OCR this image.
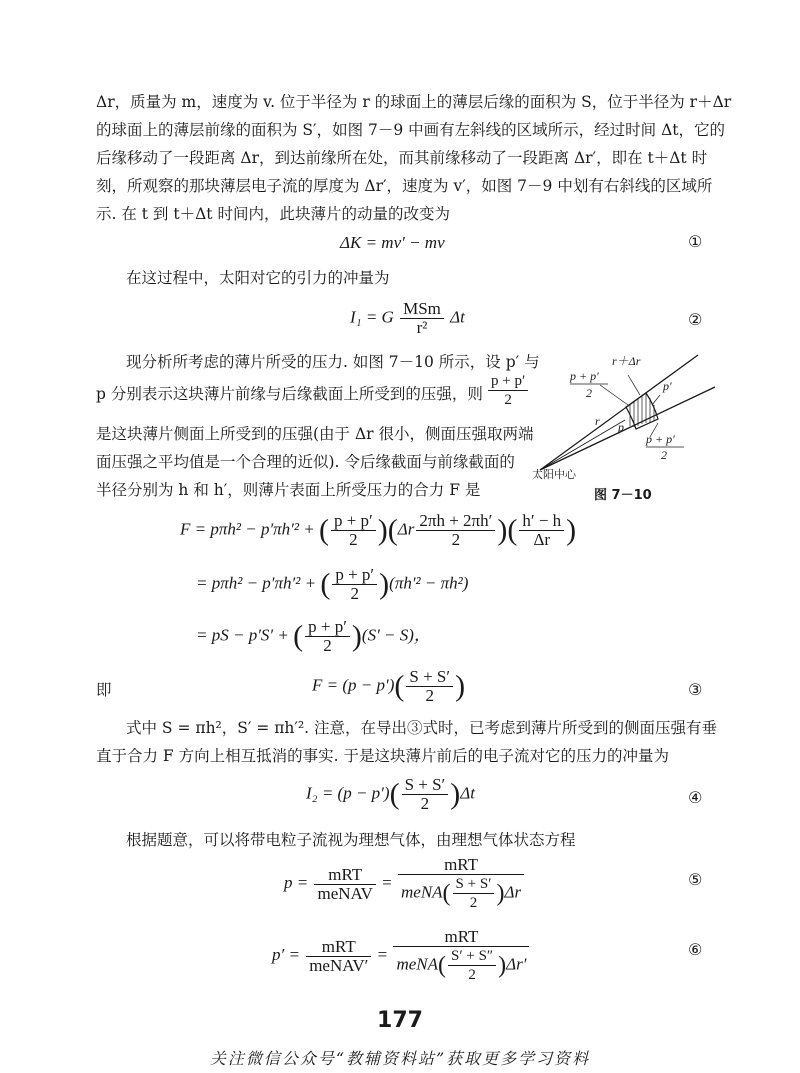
Δr，质量为 m，速度为 v. 位于半径为 r 的球面上的薄层后缘的面积为 S，位于半径为 r＋Δr
的球面上的薄层前缘的面积为 S′，如图 7－9 中画有左斜线的区域所示，经过时间 Δt，它的
后缘移动了一段距离 Δr，到达前缘所在处，而其前缘移动了一段距离 Δr′，即在 t＋Δt 时
刻，所观察的那块薄层电子流的厚度为 Δr′，速度为 v′，如图 7－9 中划有右斜线的区域所
示. 在 t 到 t＋Δt 时间内，此块薄片的动量的改变为
ΔK = mv′ − mv	①
在这过程中，太阳对它的引力的冲量为
I₁ = G $\frac{\text{MSm}}{\text{r²}}$ Δt	②
现分析所考虑的薄片所受的压力. 如图 7－10 所示，设 p′ 与
p 分别表示这块薄片前缘与后缘截面上所受到的压强，则 $\frac{p + p'}{2}$
是这块薄片侧面上所受到的压强(由于 Δr 很小，侧面压强取两端
面压强之平均值是一个合理的近似). 令后缘截面与前缘截面的
半径分别为 h 和 h′，则薄片表面上所受压力的合力 F 是
r＋Δr
p + p′
2	p′
r p
p + p′
2
太阳中心
图 7－10
F = pπh² − p′πh′² + ( $\frac{p + p'}{2} )(\Delta r \frac{2\pi h + 2\pi h'}{2}$ )( $\frac{h' - h}{\Delta r}$ )
= pπh² − p′πh′² + ( $\frac{p + p'}{2} )(\pi h'^2 - \pi h^2)$
= pS − p′S′ + ( $\frac{p + p'}{2} )(S' - S)$，
即	$F = (p - p')( \frac{S + S'}{2}$ )	③
式中 S = πh²，S′ = πh′². 注意，在导出③式时，已考虑到薄片所受到的侧面压强有垂
直于合力 F 方向上相互抵消的事实. 于是这块薄片前后的电子流对它的压力的冲量为
$I_2 = (p - p')( \frac{S + S'}{2} )\Delta t$	④
根据题意，可以将带电粒子流视为理想气体，由理想气体状态方程
$p = \frac{\text{mRT}}{\text{meNAV}} = \frac{\text{mRT}}{meNA( \frac{S + S'}{2} )\Delta r}$	⑤
$p' = \frac{\text{mRT}}{\text{meNAV′}} = \frac{\text{mRT}}{meNA( \frac{S' + S''}{2} )\Delta r'}$	⑥
177
关注微信公众号“教辅资料站”获取更多学习资料
